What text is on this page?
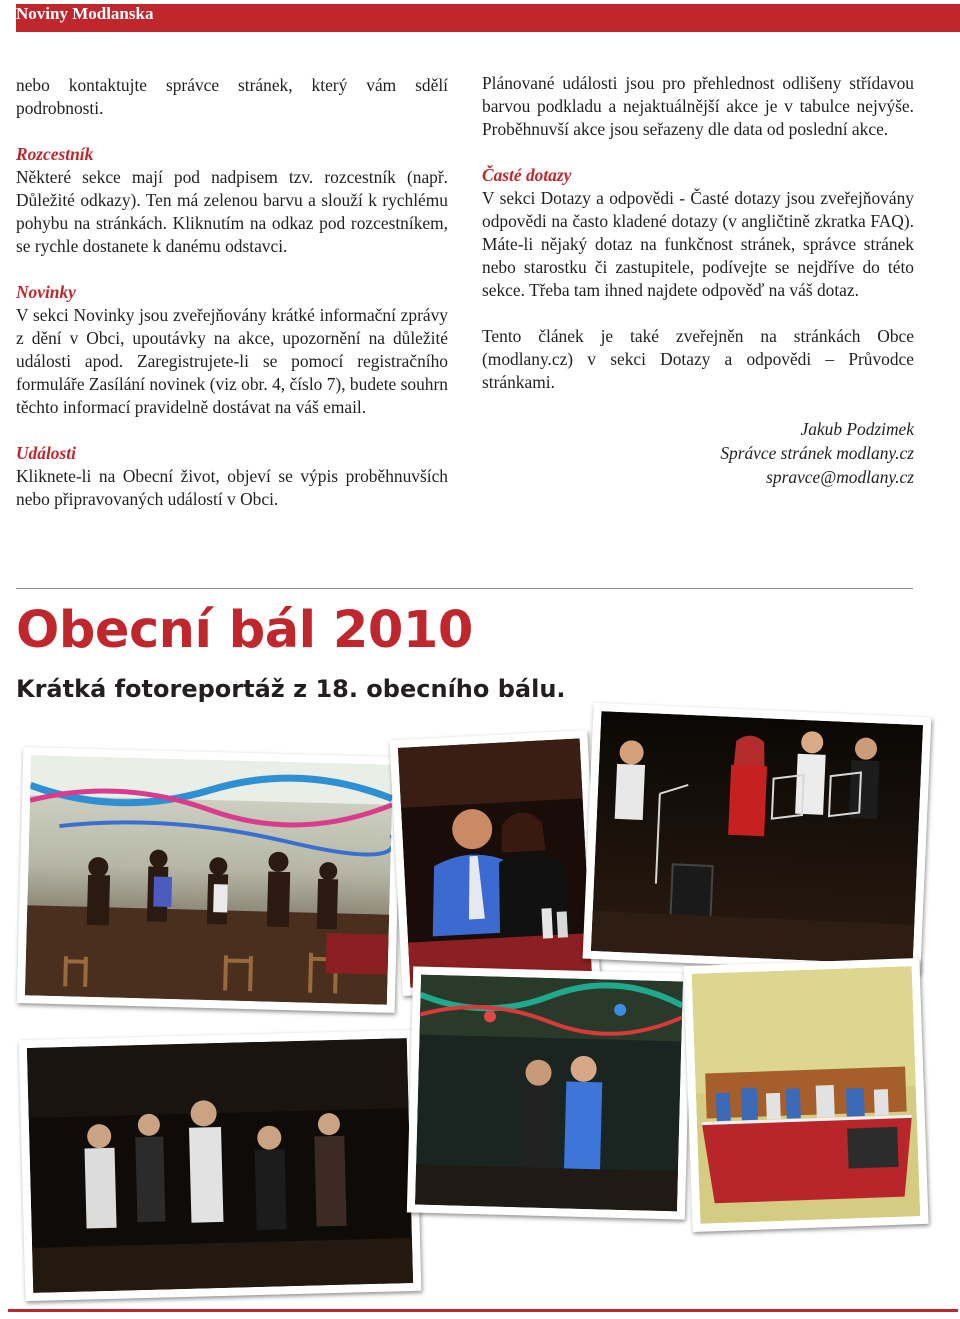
Noviny Modlanska

nebo kontaktujte správce stránek, který vám sdělí podrobnosti.

Rozcestník

Některé sekce mají pod nadpisem tzv. rozcestník (např. Důležité odkazy). Ten má zelenou barvu a slouží k rychlému pohybu na stránkách. Kliknutím na odkaz pod rozcestníkem, se rychle dostanete k danému odstavci.

Novinky

V sekci Novinky jsou zveřejňovány krátké informační zprávy z dění v Obci, upoutávky na akce, upozornění na důležité události apod. Zaregistrujete-li se pomocí registračního formuláře Zasílání novinek (viz obr. 4, číslo 7), budete souhrn těchto informací pravidelně dostávat na váš email.

Události

Kliknete-li na Obecní život, objeví se výpis proběhnuvších nebo připravovaných událostí v Obci.

Plánované události jsou pro přehlednost odlišeny střídavou barvou podkladu a nejaktuálnější akce je v tabulce nejvýše. Proběhnuvší akce jsou seřazeny dle data od poslední akce.

Časté dotazy

V sekci Dotazy a odpovědi - Časté dotazy jsou zveřejňovány odpovědi na často kladené dotazy (v angličtině zkratka FAQ). Máte-li nějaký dotaz na funkčnost stránek, správce stránek nebo starostku či zastupitele, podívejte se nejdříve do této sekce. Třeba tam ihned najdete odpověď na váš dotaz.

Tento článek je také zveřejněn na stránkách Obce (modlany.cz) v sekci Dotazy a odpovědi – Průvodce stránkami.

Jakub Podzimek
Správce stránek modlany.cz
spravce@modlany.cz
Obecní bál 2010
Krátká fotoreportáž z 18. obecního bálu.
